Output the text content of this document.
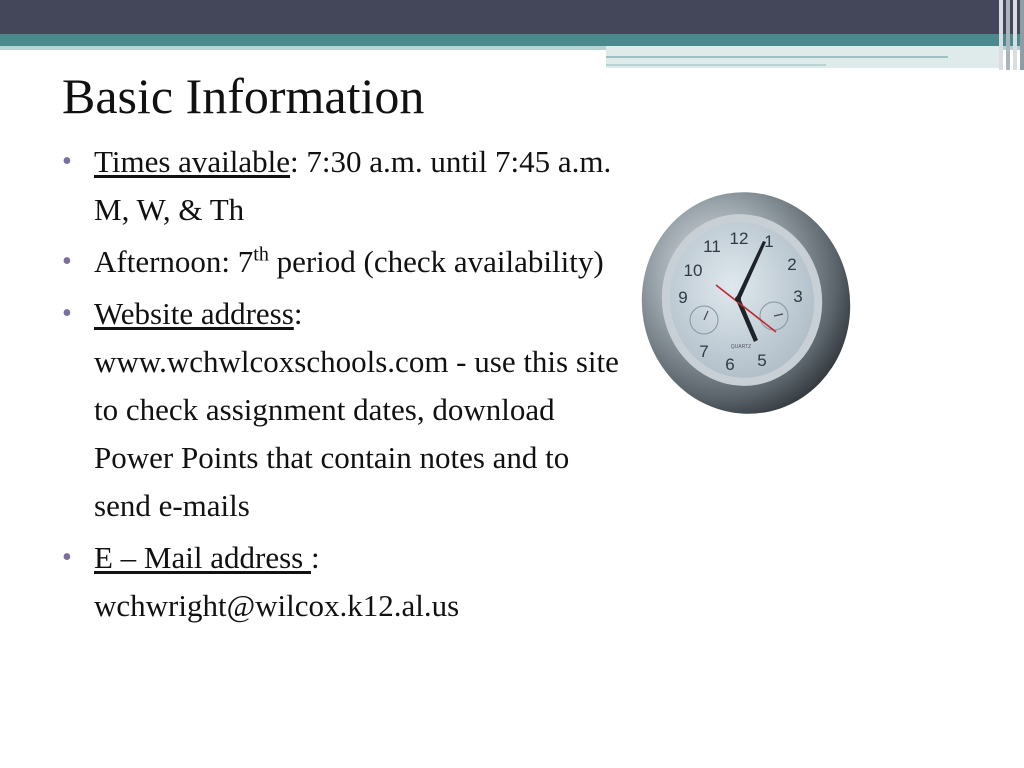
Basic Information
• Times available: 7:30 a.m. until 7:45 a.m. M, W, & Th
• Afternoon: 7th period (check availability)
• Website address: www.wchwlcoxschools.com - use this site to check assignment dates, download Power Points that contain notes and to send e-mails
• E – Mail address : wchwright@wilcox.k12.al.us
12 1
2
3
5
6
7
9
10
11
QUARTZ
